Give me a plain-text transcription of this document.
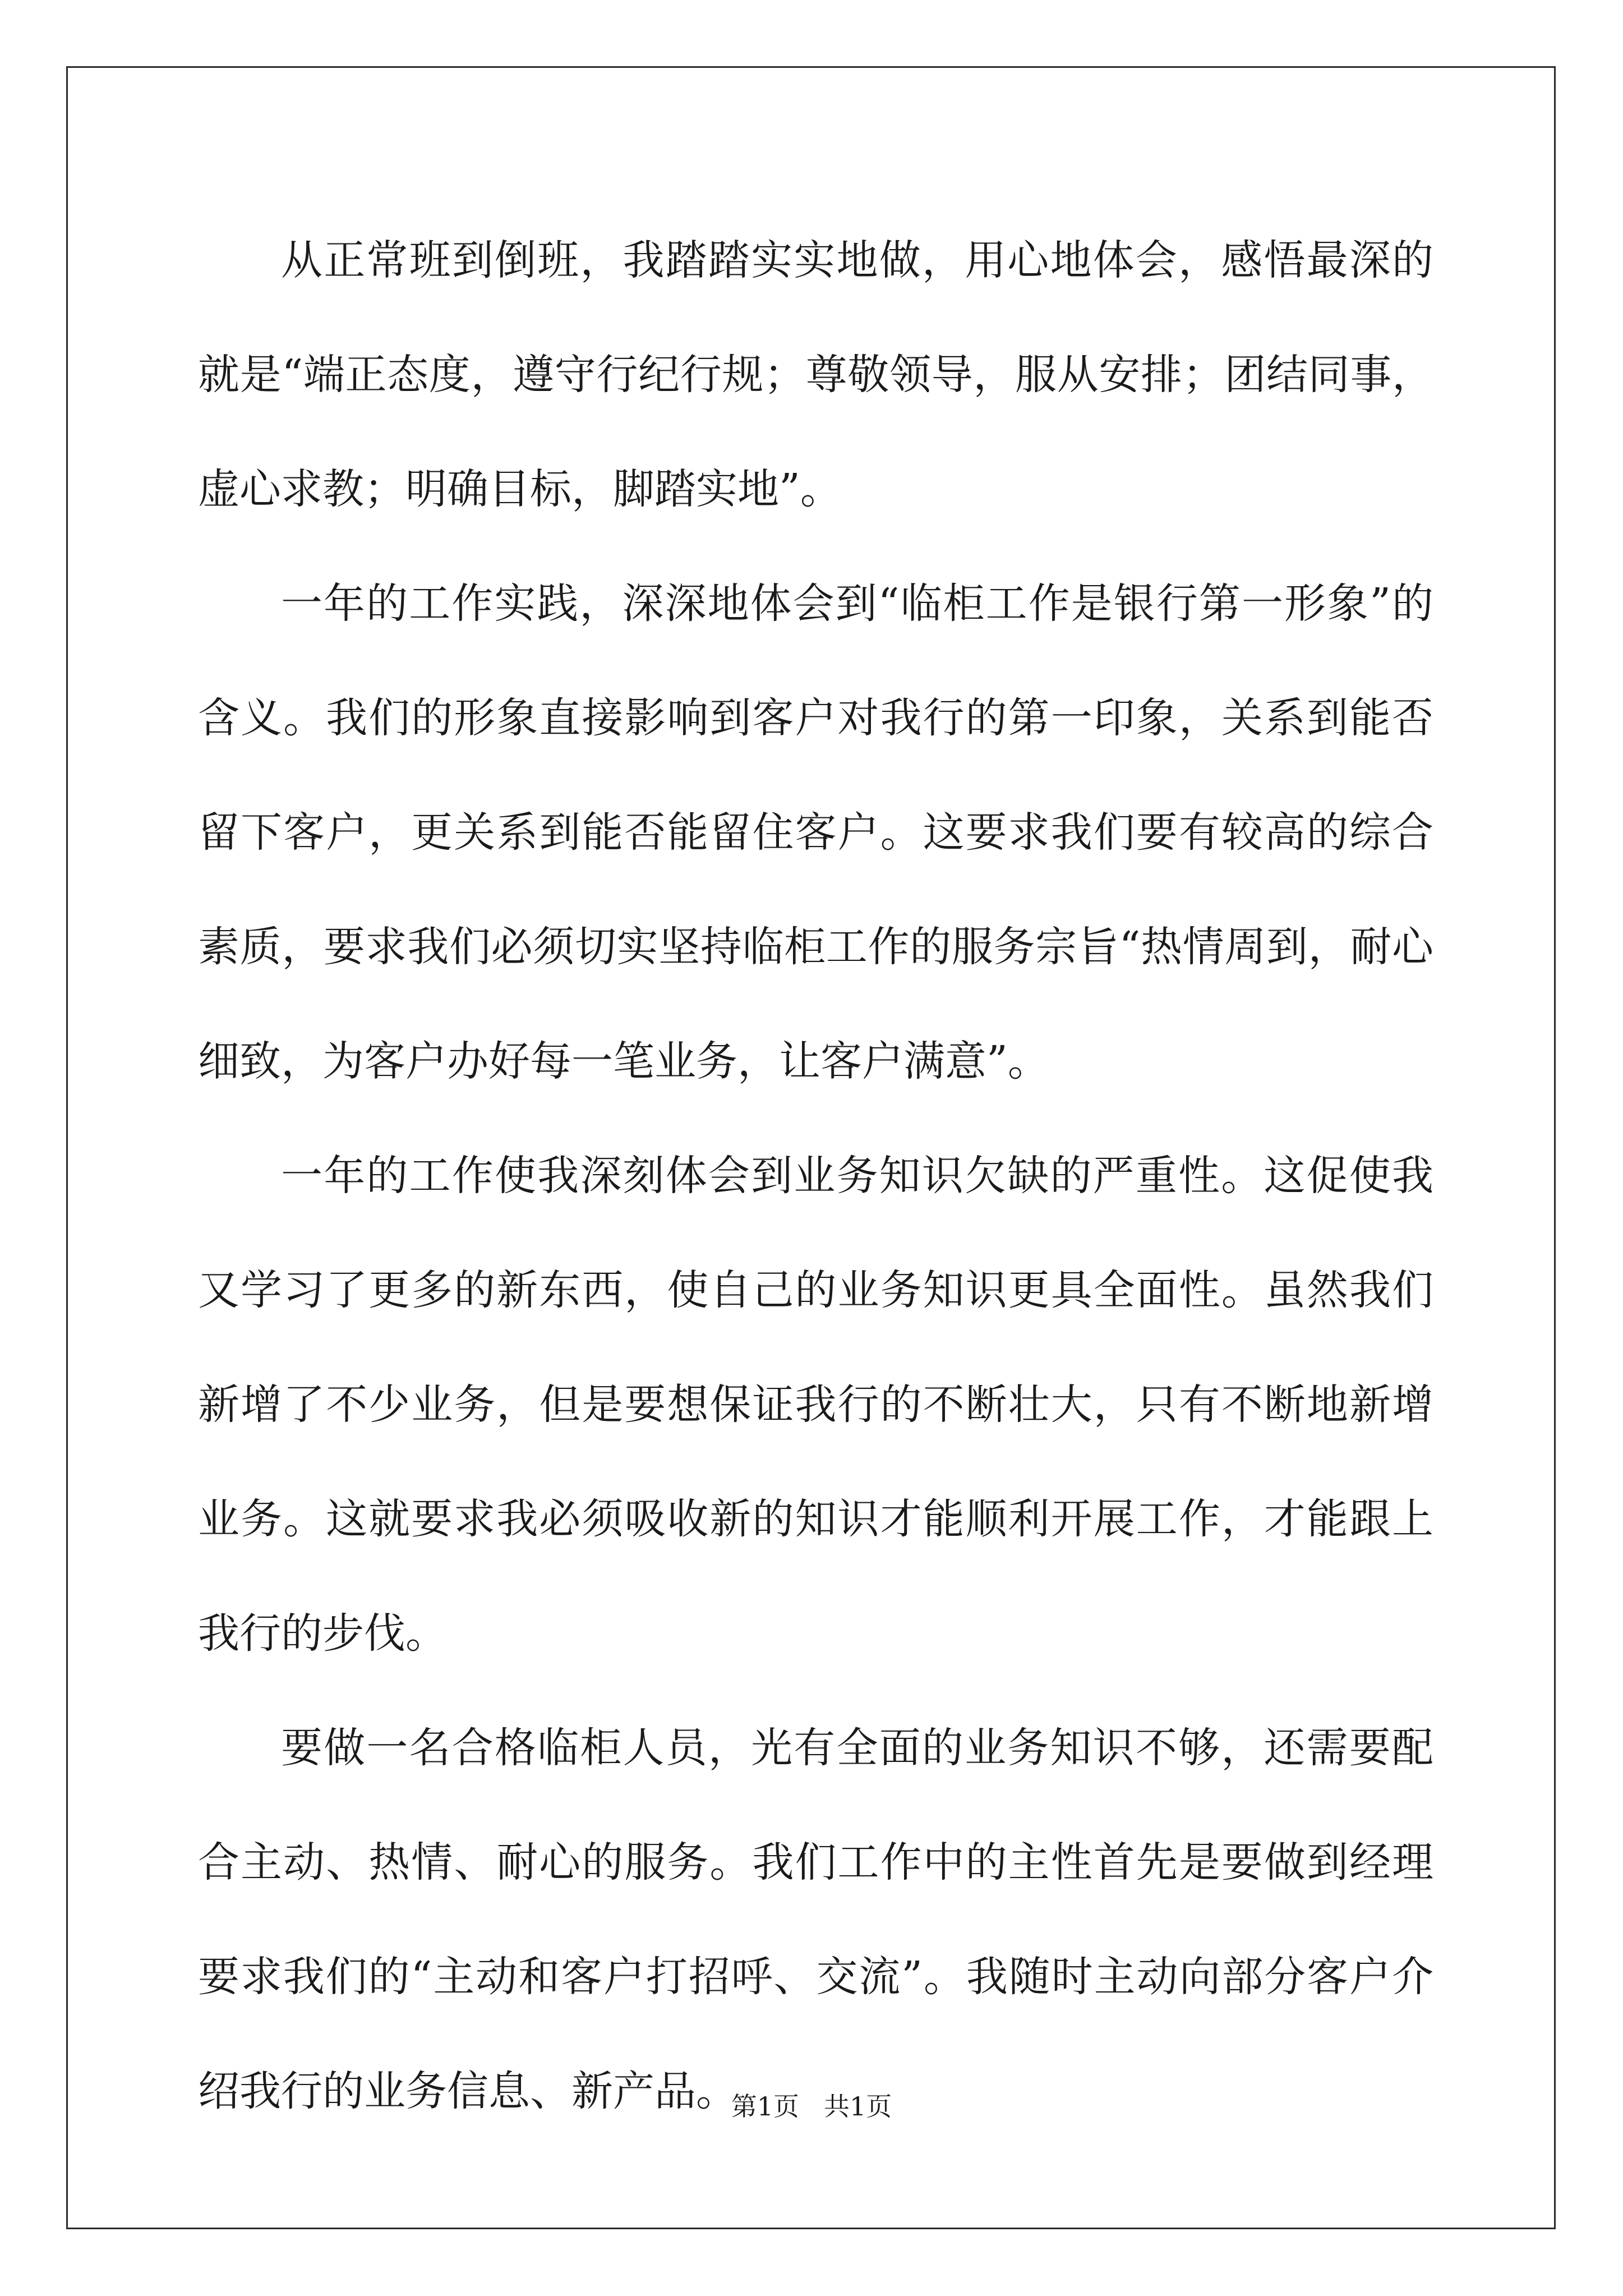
从正常班到倒班，我踏踏实实地做，用心地体会，感悟最深的就是“端正态度，遵守行纪行规；尊敬领导，服从安排；团结同事，虚心求教；明确目标，脚踏实地”。

一年的工作实践，深深地体会到“临柜工作是银行第一形象”的含义。我们的形象直接影响到客户对我行的第一印象，关系到能否留下客户，更关系到能否能留住客户。这要求我们要有较高的综合素质，要求我们必须切实坚持临柜工作的服务宗旨“热情周到，耐心细致，为客户办好每一笔业务，让客户满意”。

一年的工作使我深刻体会到业务知识欠缺的严重性。这促使我又学习了更多的新东西，使自己的业务知识更具全面性。虽然我们新增了不少业务，但是要想保证我行的不断壮大，只有不断地新增业务。这就要求我必须吸收新的知识才能顺利开展工作，才能跟上我行的步伐。

要做一名合格临柜人员，光有全面的业务知识不够，还需要配合主动、热情、耐心的服务。我们工作中的主性首先是要做到经理要求我们的“主动和客户打招呼、交流”。我随时主动向部分客户介绍我行的业务信息、新产品。

第1页 共1页
